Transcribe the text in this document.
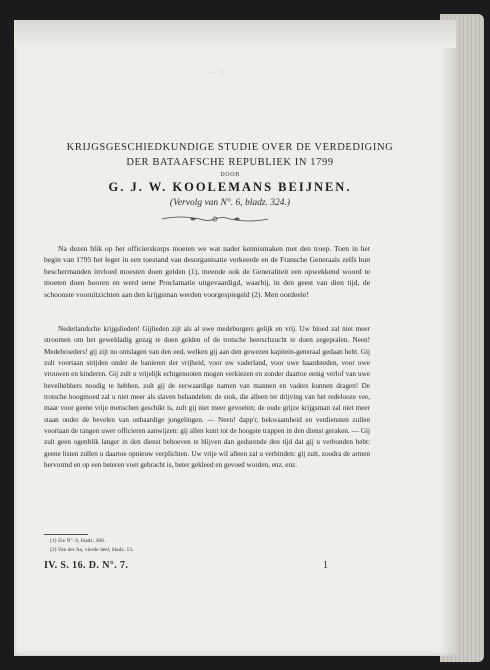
— 3
KRIJGSGESCHIEDKUNDIGE STUDIE OVER DE VERDEDIGING
DER BATAAFSCHE REPUBLIEK IN 1799
DOOR
G. J. W. KOOLEMANS BEIJNEN.
(Vervolg van N°. 6, bladz. 324.)
Na dezen blik op het officierskorps moeten we wat nader kennismaken met den troep. Toen in het begin van 1795 het leger in een toestand van desorganisatie verkeerde en de Fransche Generaals zelfs hun beschermanden invloed moesten doen gelden (1), meende ook de Generaliteit een opwekkend woord te moeten doen hooren en werd eene Proclamatie uitgevaardigd, waarbij, in den geest van dien tijd, de schoonste vooruitzichten aan den krijgsman werden voorgespiegeld (2). Men oordeele!
Nederlandsche krijgslieden! Gijlieden zijt als al uwe medeburgers gelijk en vrij. Uw bloed zal niet meer stroomen om het geweldadig gezag te doen gelden of de trotsche heerschzucht te doen zegepralen. Neen! Medebroeders! gij zijt nu ontslagen van den eed, welken gij aan den gewezen kapitein-generaal gedaan hebt. Gij zult voortaan strijden onder de banieren der vrijheid, voor uw vaderland, voor uwe haardsteden, voor uwe vrouwen en kinderen. Gij zult u vrijelijk echtgenooten mogen verkiezen en zonder daartoe eenig verlof van uwe bevelhebbers noodig te hebben, zult gij de eerwaardige namen van mannen en vaders kunnen dragen! De trotsche hoogmoed zal u niet meer als slaven behandelen: de stok, die alleen ter drijving van het redelooze vee, maar voor geene vrije menschen geschikt is, zult gij niet meer gevoelen; de oude grijze krijgsman zal niet meer staan onder de bevelen van onbaardige jongelingen. — Neen! dapp'r, bekwaamheid en verdiensten zullen voortaan de rangen uwer officieren aanwijzen: gij allen kunt tot de hoogste trappen in den dienst geraken. — Gij zult geen ogenblik langer in den dienst behoeven te blijven dan gedurende den tijd dat gij u verbonden hebt: geene listen zullen u daartoe opnieuw verplichten. Uw vrije wil alleen zal u verbinden: gij zult, zoodra de armen hervormd en op een beteren voet gebracht is, beter gekleed en gevoed worden, enz. enz.
(1) Zie N°. 6, bladz. 306.
(2) Van der Aa, vierde deel, bladz. 13.
IV. S. 16. D. N°. 7.	1
